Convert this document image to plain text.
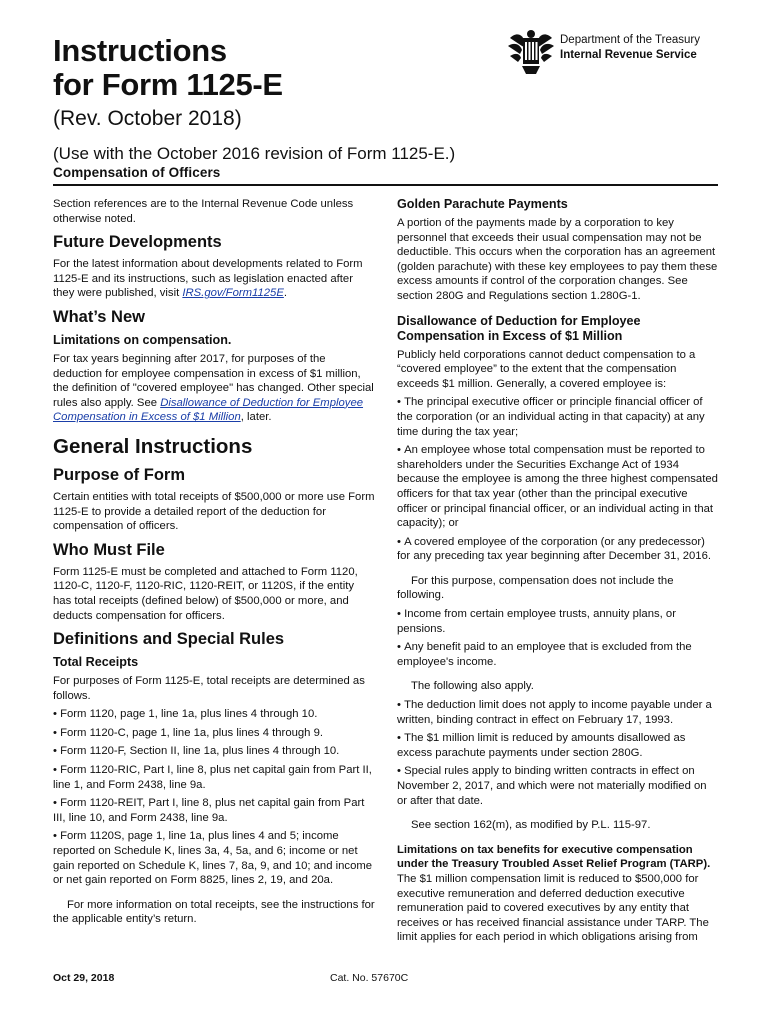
Instructions
for Form 1125-E

(Rev. October 2018)

(Use with the October 2016 revision of Form 1125-E.)

Compensation of Officers

Department of the Treasury
Internal Revenue Service

Section references are to the Internal Revenue Code unless otherwise noted.

Future Developments

For the latest information about developments related to Form 1125-E and its instructions, such as legislation enacted after they were published, visit IRS.gov/Form1125E.

What’s New
Limitations on compensation.

For tax years beginning after 2017, for purposes of the deduction for employee compensation in excess of $1 million, the definition of "covered employee" has changed. Other special rules also apply. See Disallowance of Deduction for Employee Compensation in Excess of $1 Million, later.

General Instructions
Purpose of Form

Certain entities with total receipts of $500,000 or more use Form 1125-E to provide a detailed report of the deduction for compensation of officers.

Who Must File

Form 1125-E must be completed and attached to Form 1120, 1120-C, 1120-F, 1120-RIC, 1120-REIT, or 1120S, if the entity has total receipts (defined below) of $500,000 or more, and deducts compensation for officers.

Definitions and Special Rules
Total Receipts

For purposes of Form 1125-E, total receipts are determined as follows.

• Form 1120, page 1, line 1a, plus lines 4 through 10.

• Form 1120-C, page 1, line 1a, plus lines 4 through 9.

• Form 1120-F, Section II, line 1a, plus lines 4 through 10.

• Form 1120-RIC, Part I, line 8, plus net capital gain from Part II, line 1, and Form 2438, line 9a.

• Form 1120-REIT, Part I, line 8, plus net capital gain from Part III, line 10, and Form 2438, line 9a.

• Form 1120S, page 1, line 1a, plus lines 4 and 5; income reported on Schedule K, lines 3a, 4, 5a, and 6; income or net gain reported on Schedule K, lines 7, 8a, 9, and 10; and income or net gain reported on Form 8825, lines 2, 19, and 20a.

For more information on total receipts, see the instructions for the applicable entity’s return.

Golden Parachute Payments

A portion of the payments made by a corporation to key personnel that exceeds their usual compensation may not be deductible. This occurs when the corporation has an agreement (golden parachute) with these key employees to pay them these excess amounts if control of the corporation changes. See section 280G and Regulations section 1.280G-1.

Disallowance of Deduction for Employee Compensation in Excess of $1 Million

Publicly held corporations cannot deduct compensation to a “covered employee” to the extent that the compensation exceeds $1 million. Generally, a covered employee is:

• The principal executive officer or principle financial officer of the corporation (or an individual acting in that capacity) at any time during the tax year;

• An employee whose total compensation must be reported to shareholders under the Securities Exchange Act of 1934 because the employee is among the three highest compensated officers for that tax year (other than the principal executive officer or principal financial officer, or an individual acting in that capacity); or

• A covered employee of the corporation (or any predecessor) for any preceding tax year beginning after December 31, 2016.

For this purpose, compensation does not include the following.

• Income from certain employee trusts, annuity plans, or pensions.

• Any benefit paid to an employee that is excluded from the employee's income.

The following also apply.

• The deduction limit does not apply to income payable under a written, binding contract in effect on February 17, 1993.

• The $1 million limit is reduced by amounts disallowed as excess parachute payments under section 280G.

• Special rules apply to binding written contracts in effect on November 2, 2017, and which were not materially modified on or after that date.

See section 162(m), as modified by P.L. 115-97.

Limitations on tax benefits for executive compensation under the Treasury Troubled Asset Relief Program (TARP). The $1 million compensation limit is reduced to $500,000 for executive remuneration and deferred deduction executive remuneration paid to covered executives by any entity that receives or has received financial assistance under TARP. The limit applies for each period in which obligations arising from

Oct 29, 2018	Cat. No. 57670C
